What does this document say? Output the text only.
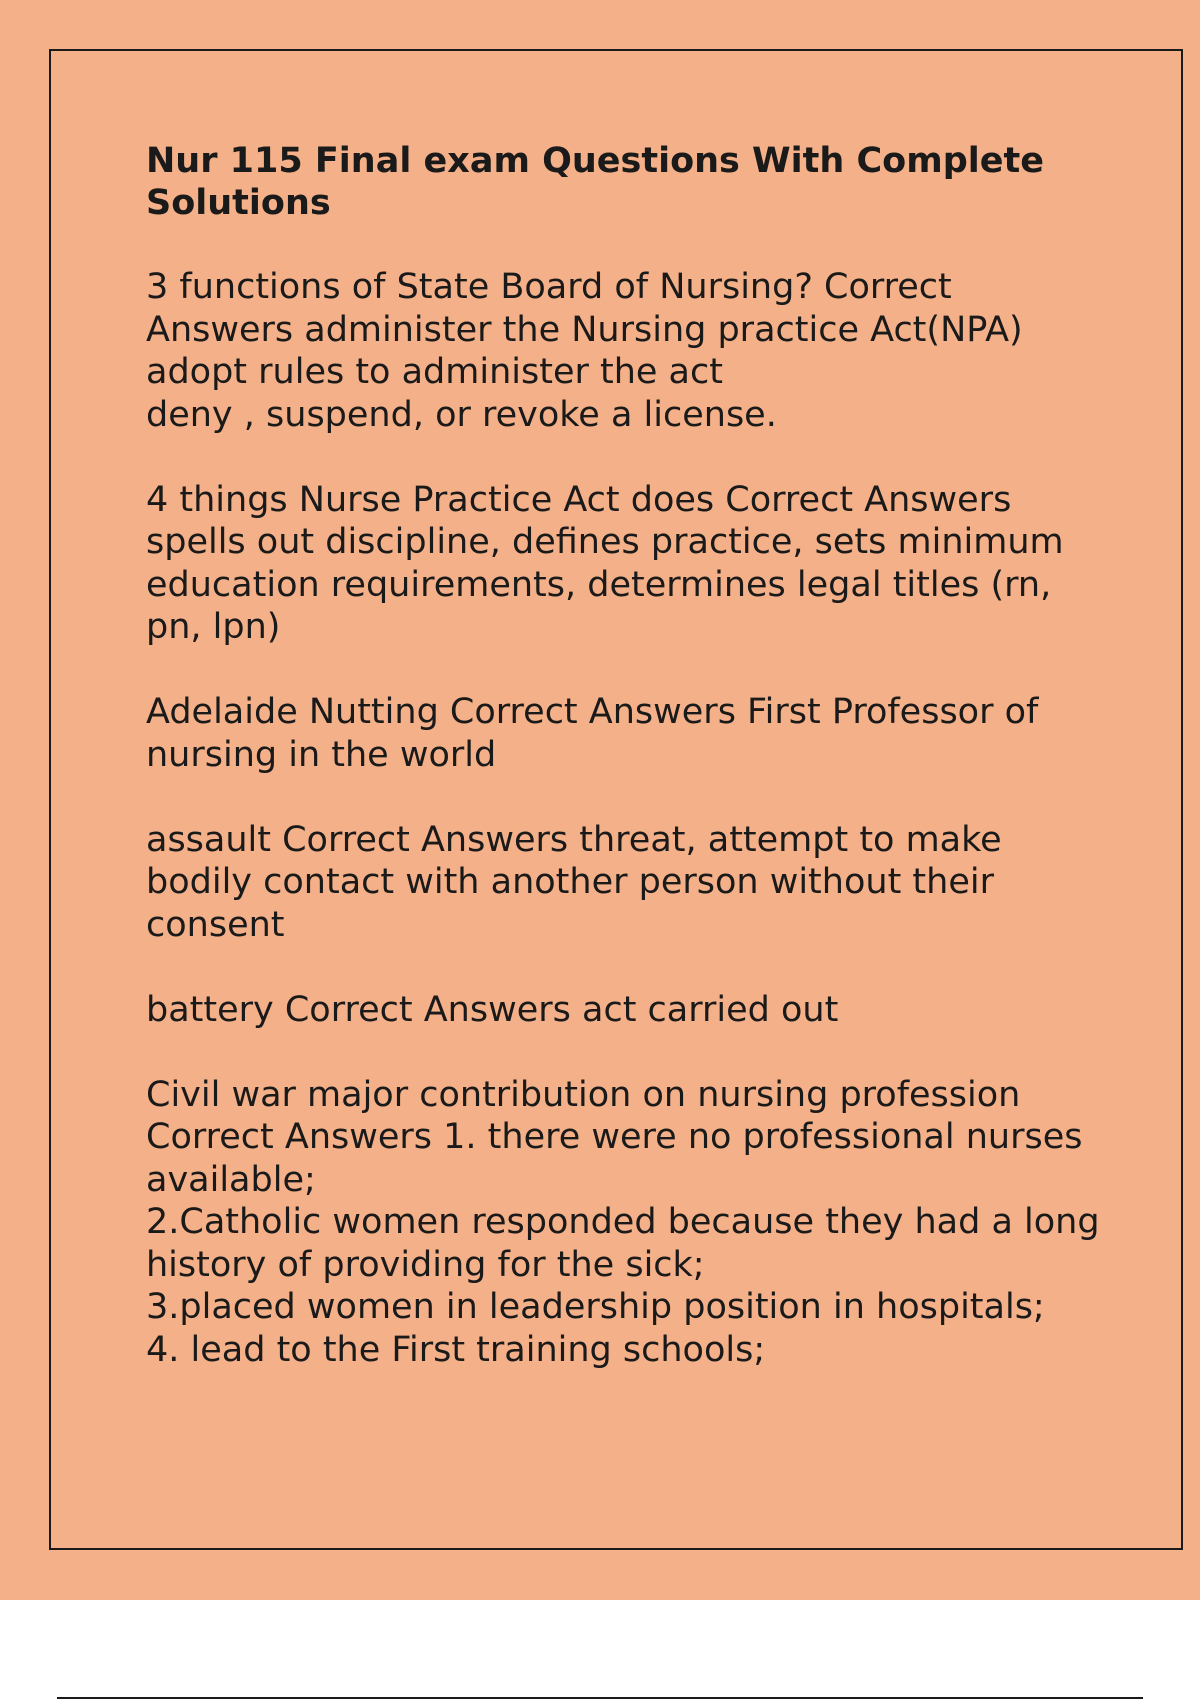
Nur 115 Final exam Questions With Complete Solutions
3 functions of State Board of Nursing? Correct Answers administer the Nursing practice Act(NPA)
adopt rules to administer the act
deny , suspend, or revoke a license.
4 things Nurse Practice Act does Correct Answers spells out discipline, defines practice, sets minimum education requirements, determines legal titles (rn, pn, lpn)
Adelaide Nutting Correct Answers First Professor of nursing in the world
assault Correct Answers threat, attempt to make bodily contact with another person without their consent
battery Correct Answers act carried out
Civil war major contribution on nursing profession Correct Answers 1. there were no professional nurses available;
2.Catholic women responded because they had a long history of providing for the sick;
3.placed women in leadership position in hospitals;
4. lead to the First training schools;
